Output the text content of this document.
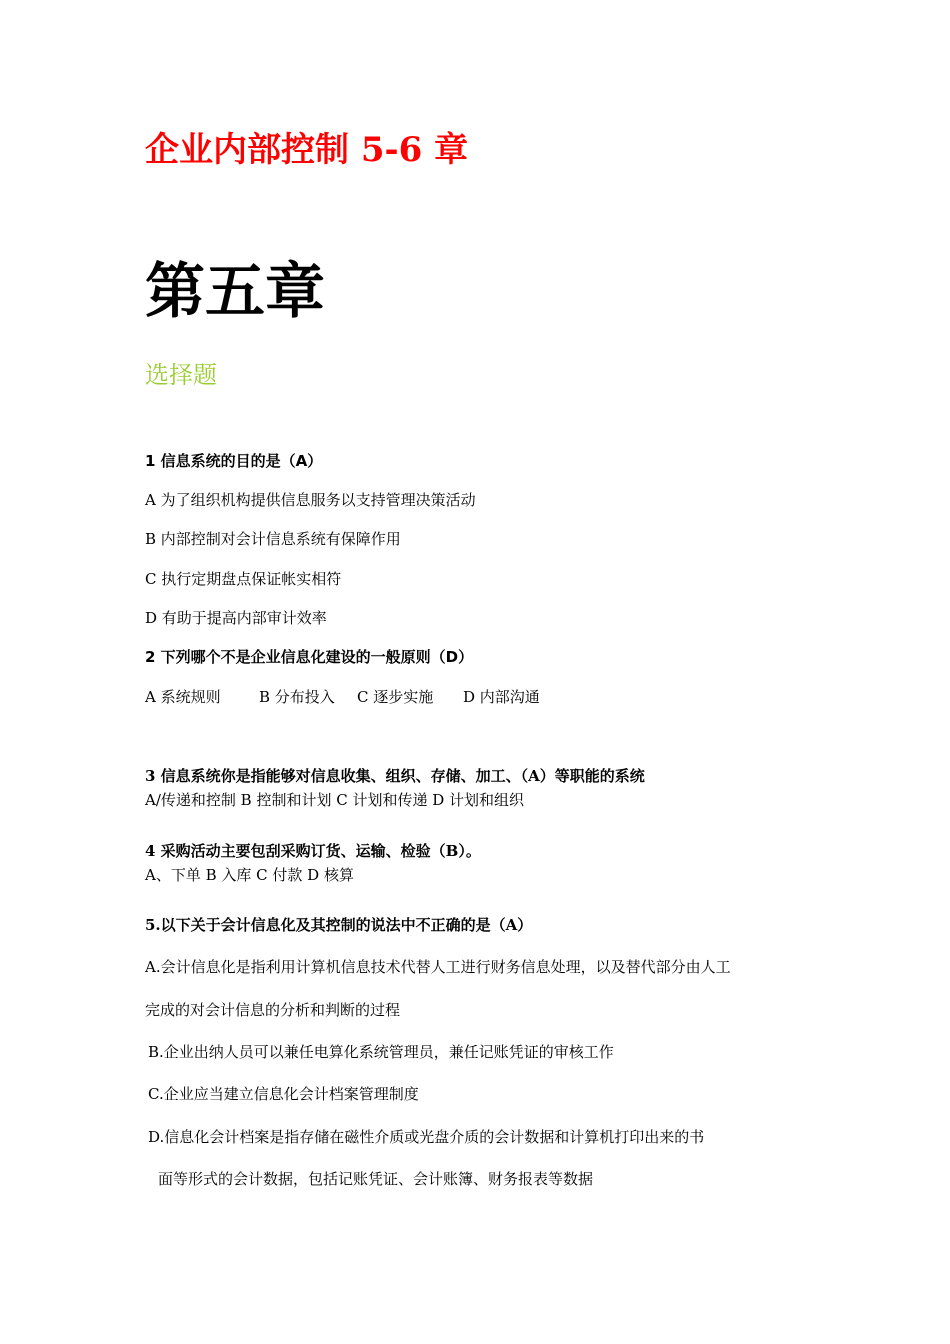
企业内部控制 5-6 章
第五章
选择题
1 信息系统的目的是（A）
A 为了组织机构提供信息服务以支持管理决策活动
B 内部控制对会计信息系统有保障作用
C 执行定期盘点保证帐实相符
D 有助于提高内部审计效率
2 下列哪个不是企业信息化建设的一般原则（D）
A 系统规则	B 分布投入 C 逐步实施 D 内部沟通
3 信息系统你是指能够对信息收集、组织、存储、加工、（A）等职能的系统
A/传递和控制 B 控制和计划 C 计划和传递 D 计划和组织
4 采购活动主要包刮采购订货、运输、检验（B）。
A、下单 B 入库 C 付款 D 核算
5.以下关于会计信息化及其控制的说法中不正确的是（A）
A.会计信息化是指利用计算机信息技术代替人工进行财务信息处理，以及替代部分由人工
完成的对会计信息的分析和判断的过程
B.企业出纳人员可以兼任电算化系统管理员，兼任记账凭证的审核工作
C.企业应当建立信息化会计档案管理制度
D.信息化会计档案是指存储在磁性介质或光盘介质的会计数据和计算机打印出来的书
面等形式的会计数据，包括记账凭证、会计账簿、财务报表等数据
